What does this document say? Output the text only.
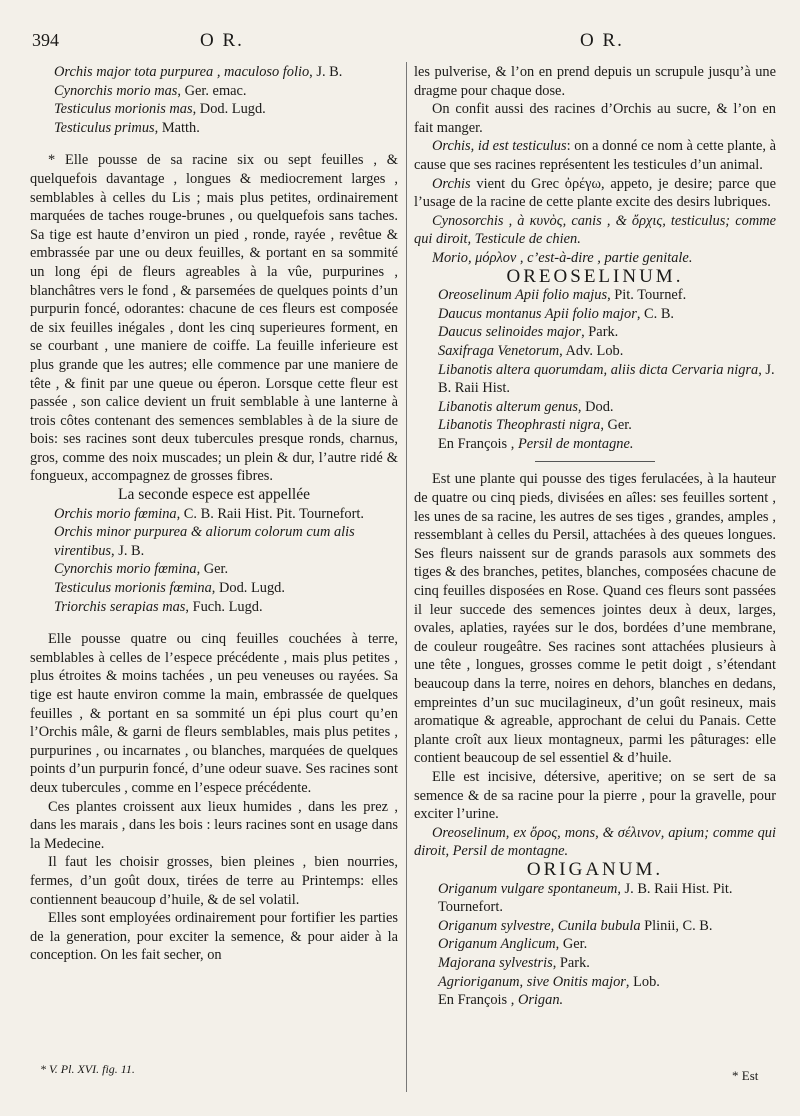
394	O R.	O R.

Orchis major tota purpurea , maculoso folio, J. B.

Cynorchis morio mas, Ger. emac.

Testiculus morionis mas, Dod. Lugd.

Testiculus primus, Matth.

* Elle pousse de sa racine six ou sept feuilles , & quelquefois davantage , longues & mediocrement larges , semblables à celles du Lis ; mais plus petites, ordinairement marquées de taches rouge-brunes , ou quelquefois sans taches. Sa tige est haute d’environ un pied , ronde, rayée , revêtue & embrassée par une ou deux feuilles, & portant en sa sommité un long épi de fleurs agreables à la vûe, purpurines , blanchâtres vers le fond , & parsemées de quelques points d’un purpurin foncé, odorantes: chacune de ces fleurs est composée de six feuilles inégales , dont les cinq superieures forment, en se courbant , une maniere de coiffe. La feuille inferieure est plus grande que les autres; elle commence par une maniere de tête , & finit par une queue ou éperon. Lorsque cette fleur est passée , son calice devient un fruit semblable à une lanterne à trois côtes contenant des semences semblables à de la siure de bois: ses racines sont deux tubercules presque ronds, charnus, gros, comme des noix muscades; un plein & dur, l’autre ridé & fongueux, accompagnez de grosses fibres.

La seconde espece est appellée

Orchis morio fœmina, C. B. Raii Hist. Pit. Tournefort.

Orchis minor purpurea & aliorum colorum cum alis virentibus, J. B.

Cynorchis morio fœmina, Ger.

Testiculus morionis fœmina, Dod. Lugd.

Triorchis serapias mas, Fuch. Lugd.

Elle pousse quatre ou cinq feuilles couchées à terre, semblables à celles de l’espece précédente , mais plus petites , plus étroites & moins tachées , un peu veneuses ou rayées. Sa tige est haute environ comme la main, embrassée de quelques feuilles , & portant en sa sommité un épi plus court qu’en l’Orchis mâle, & garni de fleurs semblables, mais plus petites , purpurines , ou incarnates , ou blanches, marquées de quelques points d’un purpurin foncé, d’une odeur suave. Ses racines sont deux tubercules , comme en l’espece précédente.

Ces plantes croissent aux lieux humides , dans les prez , dans les marais , dans les bois : leurs racines sont en usage dans la Medecine.

Il faut les choisir grosses, bien pleines , bien nourries, fermes, d’un goût doux, tirées de terre au Printemps: elles contiennent beaucoup d’huile, & de sel volatil.

Elles sont employées ordinairement pour fortifier les parties de la generation, pour exciter la semence, & pour aider à la conception. On les fait secher, on

* V. Pl. XVI. fig. 11.

les pulverise, & l’on en prend depuis un scrupule jusqu’à une dragme pour chaque dose.

On confit aussi des racines d’Orchis au sucre, & l’on en fait manger.

Orchis, id est testiculus: on a donné ce nom à cette plante, à cause que ses racines représentent les testicules d’un animal.

Orchis vient du Grec ὀρέγω, appeto, je desire; parce que l’usage de la racine de cette plante excite des desirs lubriques.

Cynosorchis , à κυνὸς, canis , & ὄρχις, testiculus; comme qui diroit, Testicule de chien.

Morio, μόρλον , c’est-à-dire , partie genitale.

OREOSELINUM.

Oreoselinum Apii folio majus, Pit. Tournef.

Daucus montanus Apii folio major, C. B.

Daucus selinoides major, Park.

Saxifraga Venetorum, Adv. Lob.

Libanotis altera quorumdam, aliis dicta Cervaria nigra, J. B. Raii Hist.

Libanotis alterum genus, Dod.

Libanotis Theophrasti nigra, Ger.

En François , Persil de montagne.

Est une plante qui pousse des tiges ferulacées, à la hauteur de quatre ou cinq pieds, divisées en aîles: ses feuilles sortent , les unes de sa racine, les autres de ses tiges , grandes, amples , ressemblant à celles du Persil, attachées à des queues longues. Ses fleurs naissent sur de grands parasols aux sommets des tiges & des branches, petites, blanches, composées chacune de cinq feuilles disposées en Rose. Quand ces fleurs sont passées il leur succede des semences jointes deux à deux, larges, ovales, aplaties, rayées sur le dos, bordées d’une membrane, de couleur rougeâtre. Ses racines sont attachées plusieurs à une tête , longues, grosses comme le petit doigt , s’étendant beaucoup dans la terre, noires en dehors, blanches en dedans, empreintes d’un suc mucilagineux, d’un goût resineux, mais aromatique & agreable, approchant de celui du Panais. Cette plante croît aux lieux montagneux, parmi les pâturages: elle contient beaucoup de sel essentiel & d’huile.

Elle est incisive, détersive, aperitive; on se sert de sa semence & de sa racine pour la pierre , pour la gravelle, pour exciter l’urine.

Oreoselinum, ex ὄρος, mons, & σέλινον, apium; comme qui diroit, Persil de montagne.

ORIGANUM.

Origanum vulgare spontaneum, J. B. Raii Hist. Pit. Tournefort.

Origanum sylvestre, Cunila bubula Plinii, C. B.

Origanum Anglicum, Ger.

Majorana sylvestris, Park.

Agrioriganum, sive Onitis major, Lob.

En François , Origan.

* Est
